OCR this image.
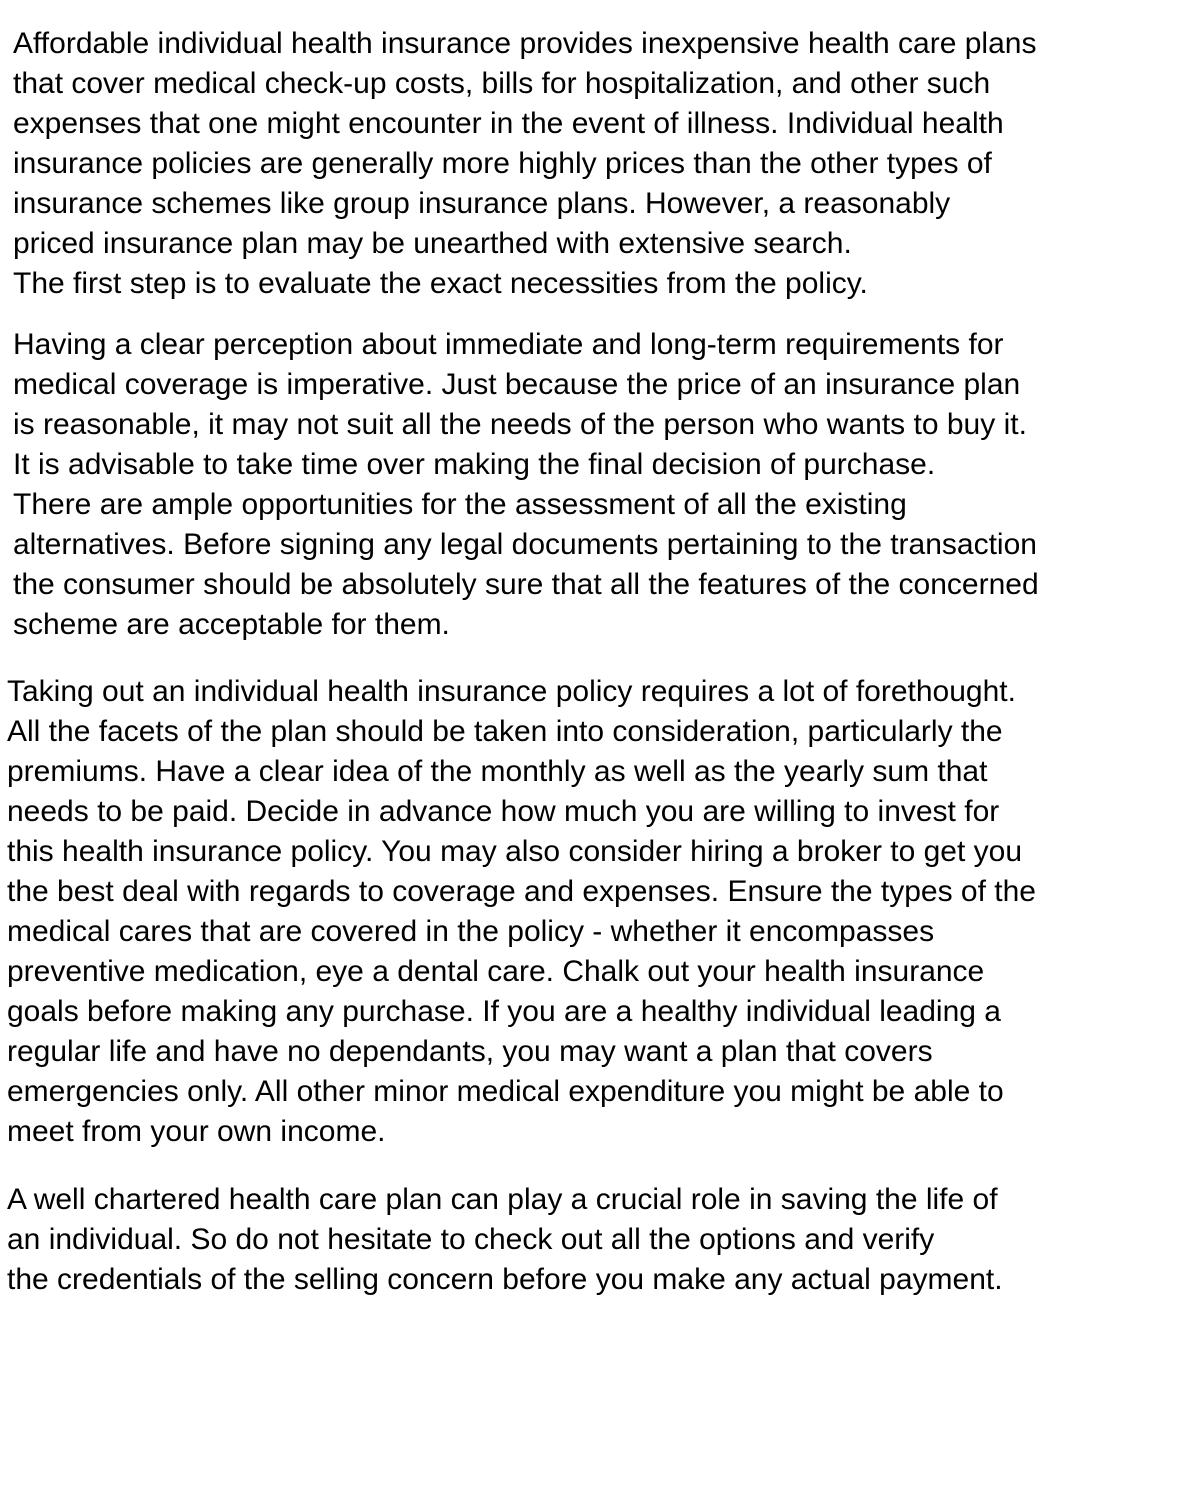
Affordable individual health insurance provides inexpensive health care plans
that cover medical check-up costs, bills for hospitalization, and other such
expenses that one might encounter in the event of illness. Individual health
insurance policies are generally more highly prices than the other types of
insurance schemes like group insurance plans. However, a reasonably
priced insurance plan may be unearthed with extensive search.
The first step is to evaluate the exact necessities from the policy.
Having a clear perception about immediate and long-term requirements for
medical coverage is imperative. Just because the price of an insurance plan
is reasonable, it may not suit all the needs of the person who wants to buy it.
It is advisable to take time over making the final decision of purchase.
There are ample opportunities for the assessment of all the existing
alternatives. Before signing any legal documents pertaining to the transaction
the consumer should be absolutely sure that all the features of the concerned
scheme are acceptable for them.
Taking out an individual health insurance policy requires a lot of forethought.
All the facets of the plan should be taken into consideration, particularly the
premiums. Have a clear idea of the monthly as well as the yearly sum that
needs to be paid. Decide in advance how much you are willing to invest for
this health insurance policy. You may also consider hiring a broker to get you
the best deal with regards to coverage and expenses. Ensure the types of the
medical cares that are covered in the policy - whether it encompasses
preventive medication, eye a dental care. Chalk out your health insurance
goals before making any purchase. If you are a healthy individual leading a
regular life and have no dependants, you may want a plan that covers
emergencies only. All other minor medical expenditure you might be able to
meet from your own income.
A well chartered health care plan can play a crucial role in saving the life of
an individual. So do not hesitate to check out all the options and verify
the credentials of the selling concern before you make any actual payment.
